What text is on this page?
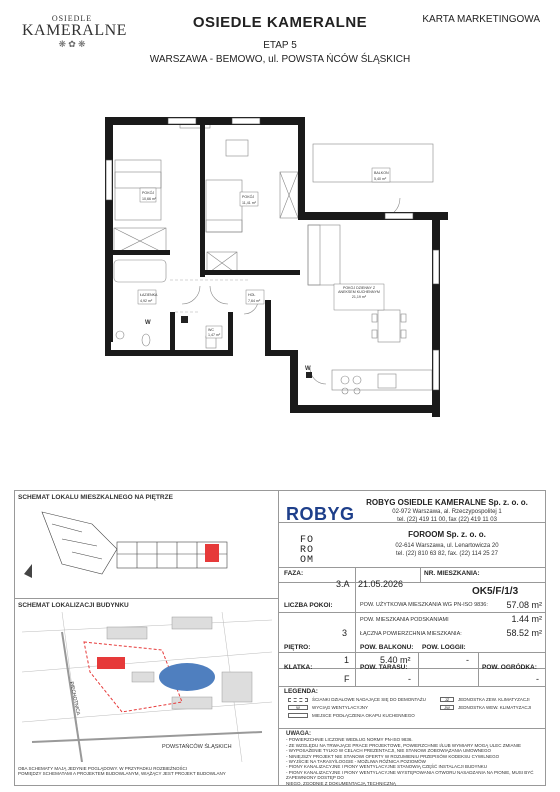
OSIEDLE
KAMERALNE
❋ ✿ ❋
OSIEDLE KAMERALNE
ETAP 5
WARSZAWA - BEMOWO, ul. POWSTA ŃCÓW ŚLĄSKICH
KARTA MARKETINGOWA
POKÓJ
10,66 m²	POKÓJ
11,41 m²
BALKON
5,40 m²
ŁAZIENKA
4,92 m²
HOL
7,64 m²
WC
1,47 m²
POKÓJ DZIENNY Z ANEKSEM KUCHENNYM
21,19 m²
W
W
SCHEMAT LOKALU MIESZKALNEGO NA PIĘTRZE
SCHEMAT LOKALIZACJI BUDYNKU
PIECHOTNICA
POWSTAŃCÓW ŚLĄSKICH
ROBYG
ROBYG OSIEDLE KAMERALNE Sp. z. o. o.
02-972 Warszawa, al. Rzeczypospolitej 1
tel. (22) 419 11 00, fax (22) 419 11 03
FO
RO
OM
FOROOM Sp. z. o. o.
02-614 Warszawa, ul. Lenartowicza 20
tel. (22) 810 63 82, fax. (22) 114 25 27
FAZA:
3.A 21.05.2026
NR. MIESZKANIA:
OK5/F/1/3
LICZBA POKOI:
3
POW. UŻYTKOWA MIESZKANIA WG PN-ISO 9836:	57.08 m²
POW. MIESZKANIA PODSKANIAMI	1.44 m²
ŁĄCZNA POWIERZCHNIA MIESZKANIA:	58.52 m²
PIĘTRO:
1
POW. BALKONU:
5.40 m²
POW. LOGGII:
-
KLATKA:
F
POW. TARASU:
-
POW. OGRÓDKA:
-
LEGENDA:
ŚCIANKI DZIAŁOWE NADAJĄCE SIĘ DO DEMONTAŻU
W	WYCIĄG WENTYLACYJNY
MIEJSCE PODŁĄCZENIA OKAPU KUCHENNEGO
JZ	JEDNOSTKA ZEW. KLIMATYZACJI
JW	JEDNOSTKA WEW. KLIMATYZACJI
UWAGA:
- POWIERZCHNIE LICZONE WEDŁUG NORMY PN-ISO 9836.
- ZE WZGLĘDU NA TRWAJĄCE PRACE PROJEKTOWE, POWIERZCHNIE I/LUB WYMIARY MOGĄ ULEC ZMIANIE
- WYPOSAŻENIE TYLKO W CELACH PREZENTACJI, NIE STANOWI ZOBOWIĄZANIA UMOWNEGO
- NINIEJSZY PROJEKT NIE STANOWI OFERTY W ROZUMIENIU PRZEPISÓW KODEKSU CYWILNEGO
- WYJŚCIE NA TARASY/LOGGIE - MOŻLIWA RÓŻNICA POZIOMÓW
- PIONY KANALIZACYJNE I PIONY WENTYLACYJNE STANOWIĄ CZĘŚĆ INSTALACJI BUDYNKU
- PIONY KANALIZACYJNE I PIONY WENTYLACYJNE WYSTĘPOWANIA OTWORU NASADZANIA NA PIONIE, MUSI BYĆ ZAPEWNIONY DOSTĘP DO
NIEGO, ZGODNIE Z DOKUMENTACJĄ TECHNICZNĄ
OBA SCHEMATY MAJĄ JEDYNIE POGLĄDOWY. W PRZYPADKU ROZBIEŻNOŚCI
POMIĘDZY SCHEMATAMI A PROJEKTEM BUDOWLANYM, WIĄŻĄCY JEST PROJEKT BUDOWLANY
